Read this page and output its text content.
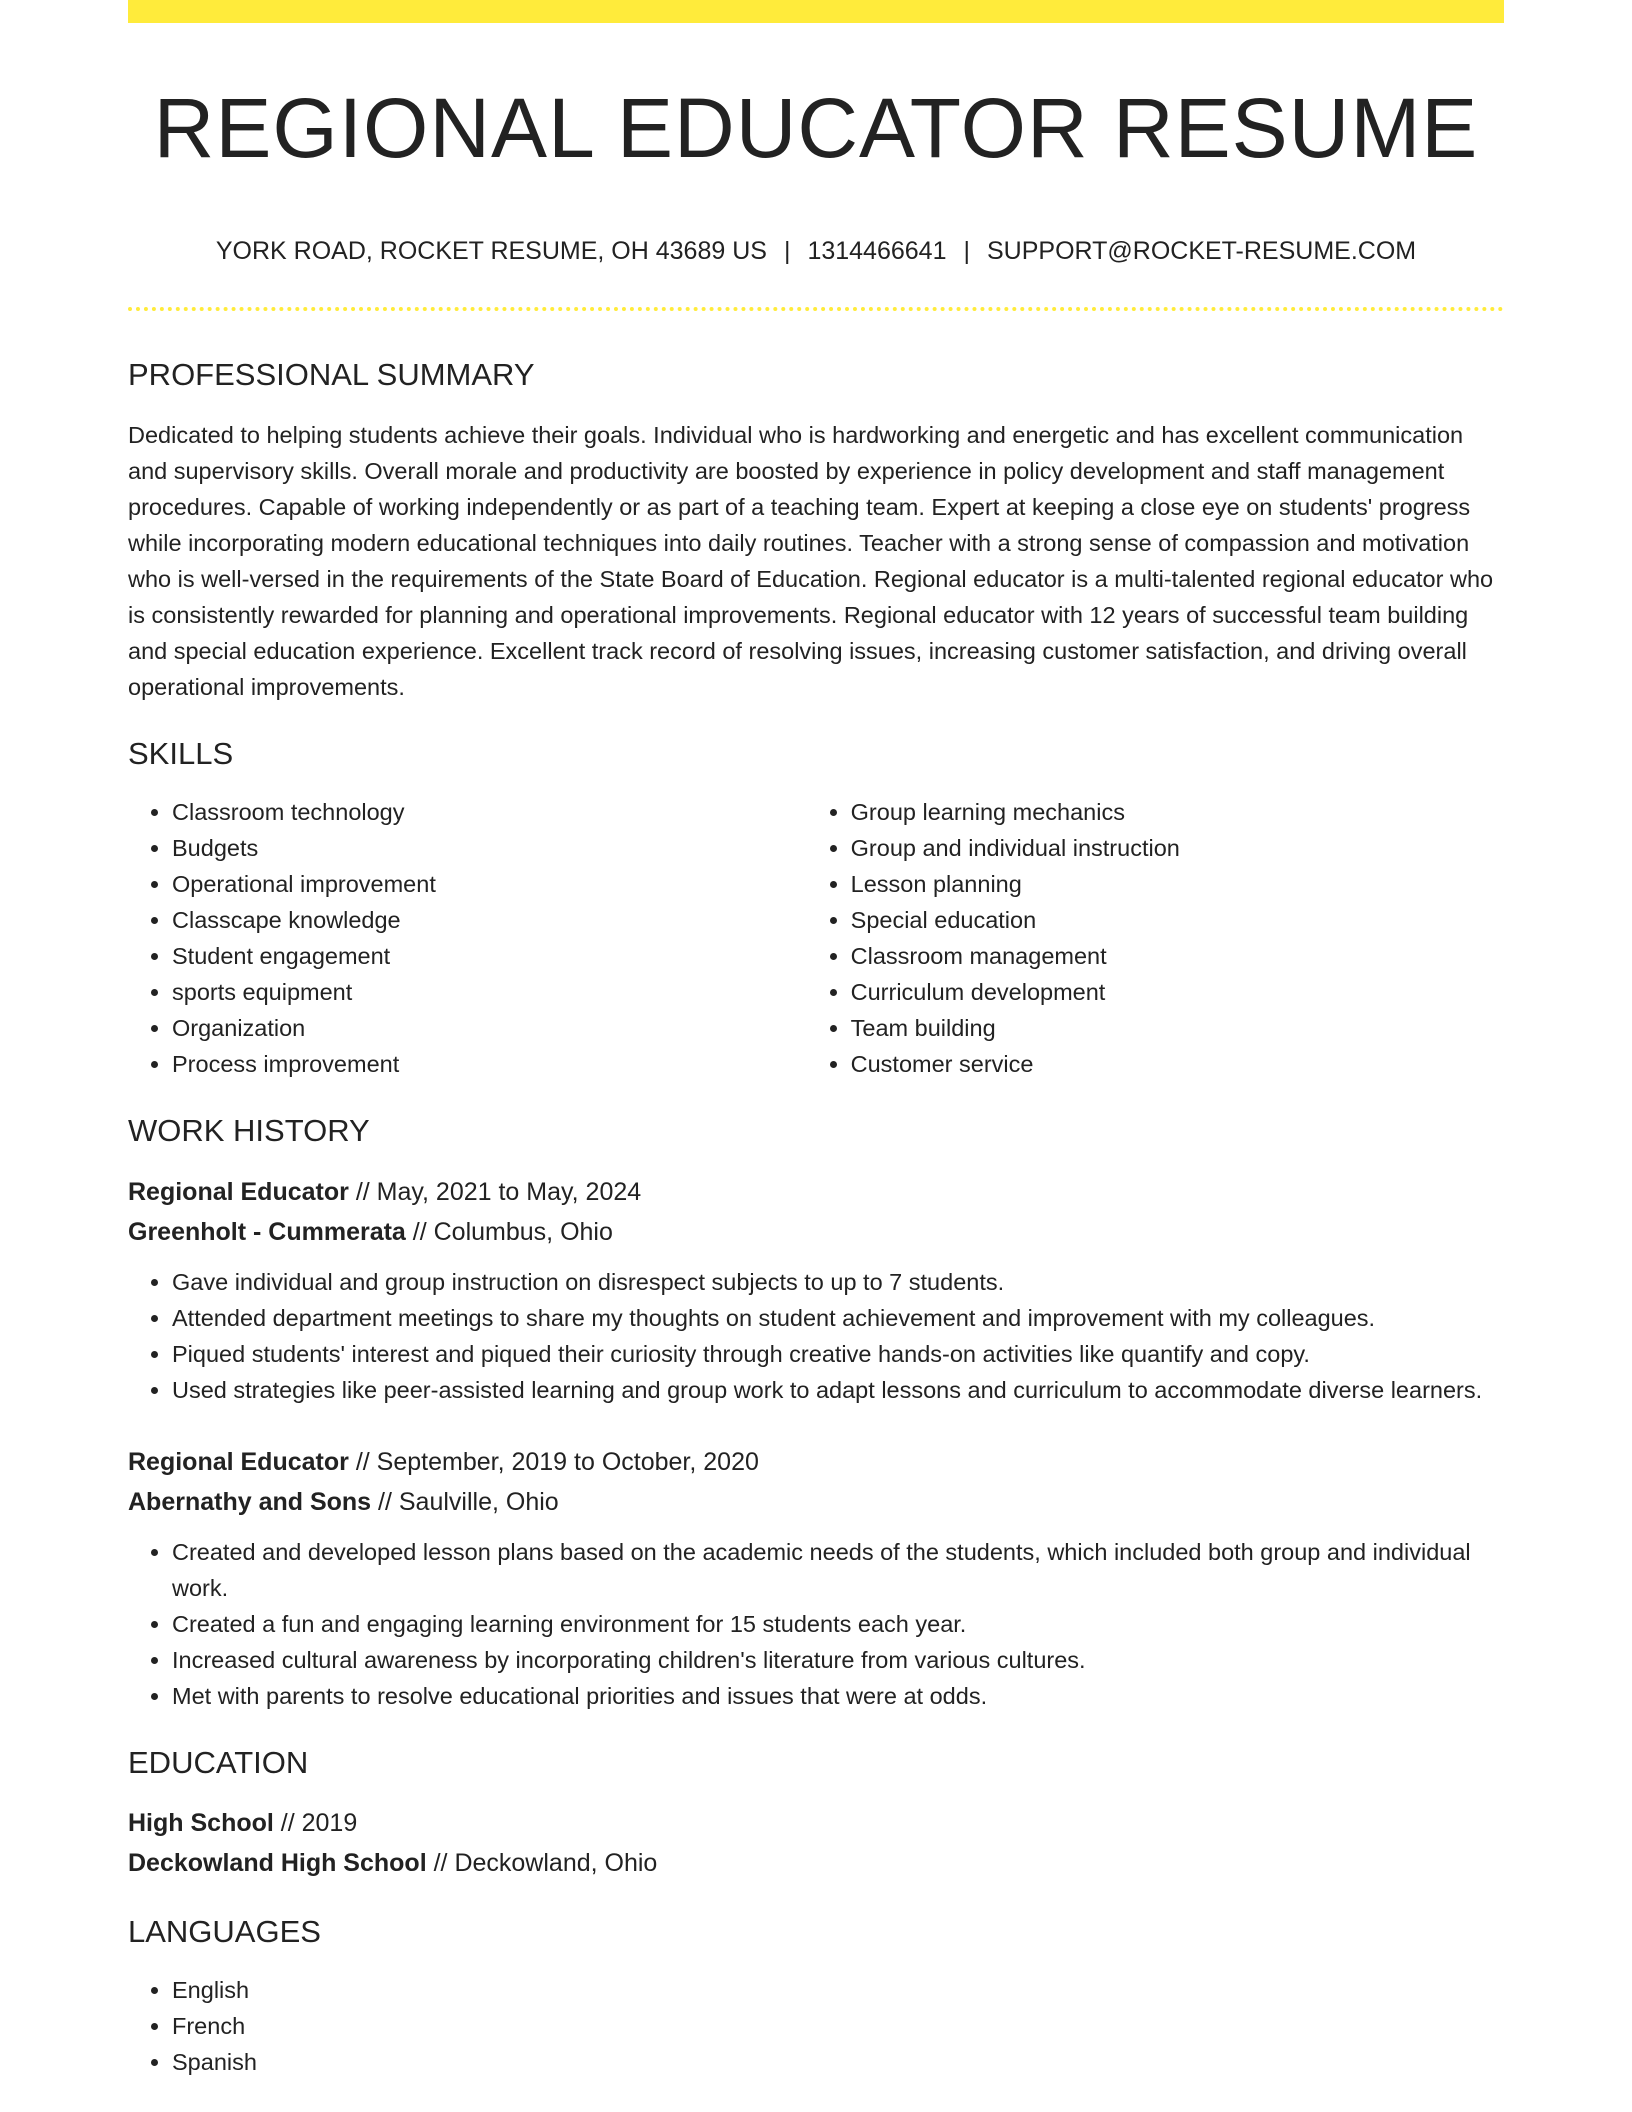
REGIONAL EDUCATOR RESUME
YORK ROAD, ROCKET RESUME, OH 43689 US | 1314466641 | SUPPORT@ROCKET-RESUME.COM
PROFESSIONAL SUMMARY

Dedicated to helping students achieve their goals. Individual who is hardworking and energetic and has excellent communication and supervisory skills. Overall morale and productivity are boosted by experience in policy development and staff management procedures. Capable of working independently or as part of a teaching team. Expert at keeping a close eye on students' progress while incorporating modern educational techniques into daily routines. Teacher with a strong sense of compassion and motivation who is well-versed in the requirements of the State Board of Education. Regional educator is a multi-talented regional educator who is consistently rewarded for planning and operational improvements. Regional educator with 12 years of successful team building and special education experience. Excellent track record of resolving issues, increasing customer satisfaction, and driving overall operational improvements.

SKILLS
• Classroom technology
• Budgets
• Operational improvement
• Classcape knowledge
• Student engagement
• sports equipment
• Organization
• Process improvement
• Group learning mechanics
• Group and individual instruction
• Lesson planning
• Special education
• Classroom management
• Curriculum development
• Team building
• Customer service
WORK HISTORY

Regional Educator // May, 2021 to May, 2024

Greenholt - Cummerata // Columbus, Ohio

• Gave individual and group instruction on disrespect subjects to up to 7 students.
• Attended department meetings to share my thoughts on student achievement and improvement with my colleagues.
• Piqued students' interest and piqued their curiosity through creative hands-on activities like quantify and copy.
• Used strategies like peer-assisted learning and group work to adapt lessons and curriculum to accommodate diverse learners.

Regional Educator // September, 2019 to October, 2020

Abernathy and Sons // Saulville, Ohio

• Created and developed lesson plans based on the academic needs of the students, which included both group and individual work.
• Created a fun and engaging learning environment for 15 students each year.
• Increased cultural awareness by incorporating children's literature from various cultures.
• Met with parents to resolve educational priorities and issues that were at odds.
EDUCATION

High School // 2019

Deckowland High School // Deckowland, Ohio

LANGUAGES
• English
• French
• Spanish
